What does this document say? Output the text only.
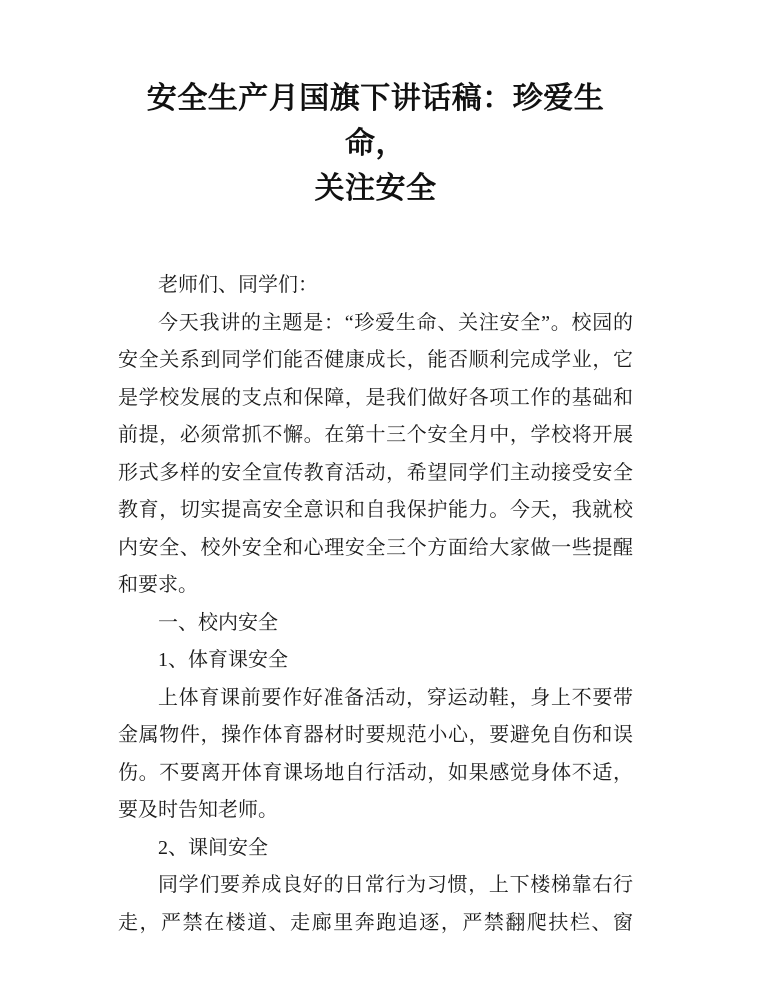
安全生产月国旗下讲话稿：珍爱生命，
关注安全
老师们、同学们：
今天我讲的主题是：“珍爱生命、关注安全”。校园的
安全关系到同学们能否健康成长，能否顺利完成学业，它
是学校发展的支点和保障，是我们做好各项工作的基础和
前提，必须常抓不懈。在第十三个安全月中，学校将开展
形式多样的安全宣传教育活动，希望同学们主动接受安全
教育，切实提高安全意识和自我保护能力。今天，我就校
内安全、校外安全和心理安全三个方面给大家做一些提醒
和要求。
一、校内安全
1、体育课安全
上体育课前要作好准备活动，穿运动鞋，身上不要带
金属物件，操作体育器材时要规范小心，要避免自伤和误
伤。不要离开体育课场地自行活动，如果感觉身体不适，
要及时告知老师。
2、课间安全
同学们要养成良好的日常行为习惯，上下楼梯靠右行
走，严禁在楼道、走廊里奔跑追逐，严禁翻爬扶栏、窗
